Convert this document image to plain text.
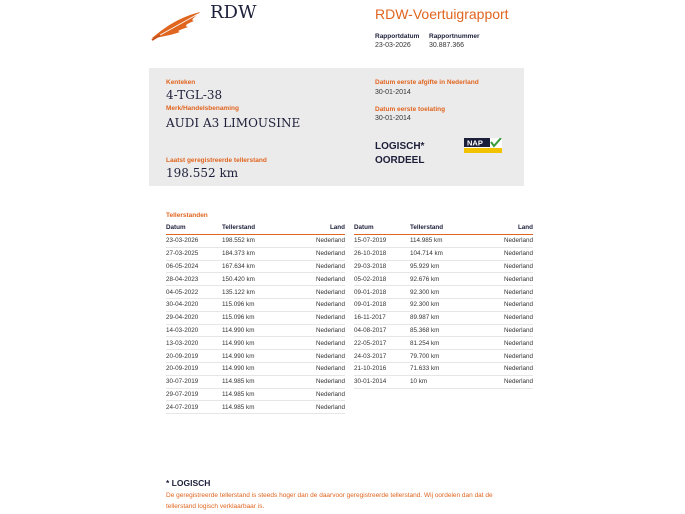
RDW	RDW-Voertuigrapport
Rapportdatum
23-03-2026
Rapportnummer
30.887.366
Kenteken
4-TGL-38
Merk/Handelsbenaming
AUDI A3 LIMOUSINE
Laatst geregistreerde tellerstand
198.552 km
Datum eerste afgifte in Nederland
30-01-2014
Datum eerste toelating
30-01-2014
LOGISCH*
OORDEEL
NAP
Tellerstanden
Datum	Tellerstand	Land
23-03-2026	198.552 km	Nederland
27-03-2025	184.373 km	Nederland
06-05-2024	167.634 km	Nederland
28-04-2023	150.420 km	Nederland
04-05-2022	135.122 km	Nederland
30-04-2020	115.096 km	Nederland
29-04-2020	115.096 km	Nederland
14-03-2020	114.990 km	Nederland
13-03-2020	114.990 km	Nederland
20-09-2019	114.990 km	Nederland
20-09-2019	114.990 km	Nederland
30-07-2019	114.985 km	Nederland
29-07-2019	114.985 km	Nederland
24-07-2019	114.985 km	Nederland
Datum	Tellerstand	Land
15-07-2019	114.985 km	Nederland
26-10-2018	104.714 km	Nederland
29-03-2018	95.929 km	Nederland
05-02-2018	92.676 km	Nederland
09-01-2018	92.300 km	Nederland
09-01-2018	92.300 km	Nederland
16-11-2017	89.987 km	Nederland
04-08-2017	85.368 km	Nederland
22-05-2017	81.254 km	Nederland
24-03-2017	79.700 km	Nederland
21-10-2016	71.633 km	Nederland
30-01-2014	10 km	Nederland
* LOGISCH
De geregistreerde tellerstand is steeds hoger dan de daarvoor geregistreerde tellerstand. Wij oordelen dan dat de tellerstand logisch verklaarbaar is.
